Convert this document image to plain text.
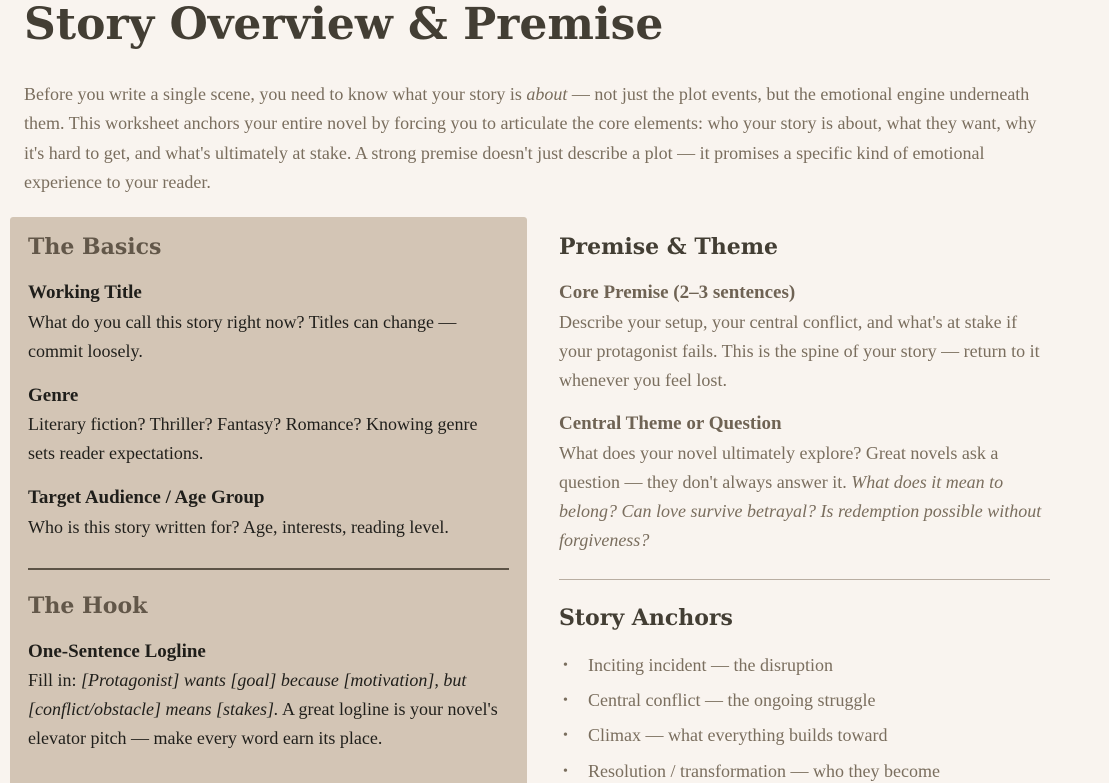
Story Overview & Premise

Before you write a single scene, you need to know what your story is about — not just the plot events, but the emotional engine underneath them. This worksheet anchors your entire novel by forcing you to articulate the core elements: who your story is about, what they want, why it's hard to get, and what's ultimately at stake. A strong premise doesn't just describe a plot — it promises a specific kind of emotional experience to your reader.

The Basics
Working Title

What do you call this story right now? Titles can change — commit loosely.

Genre

Literary fiction? Thriller? Fantasy? Romance? Knowing genre sets reader expectations.

Target Audience / Age Group

Who is this story written for? Age, interests, reading level.

The Hook
One-Sentence Logline

Fill in: [Protagonist] wants [goal] because [motivation], but [conflict/obstacle] means [stakes]. A great logline is your novel's elevator pitch — make every word earn its place.

Premise & Theme
Core Premise (2–3 sentences)

Describe your setup, your central conflict, and what's at stake if your protagonist fails. This is the spine of your story — return to it whenever you feel lost.

Central Theme or Question

What does your novel ultimately explore? Great novels ask a question — they don't always answer it. What does it mean to belong? Can love survive betrayal? Is redemption possible without forgiveness?

Story Anchors
• Inciting incident — the disruption
• Central conflict — the ongoing struggle
• Climax — what everything builds toward
• Resolution / transformation — who they become
